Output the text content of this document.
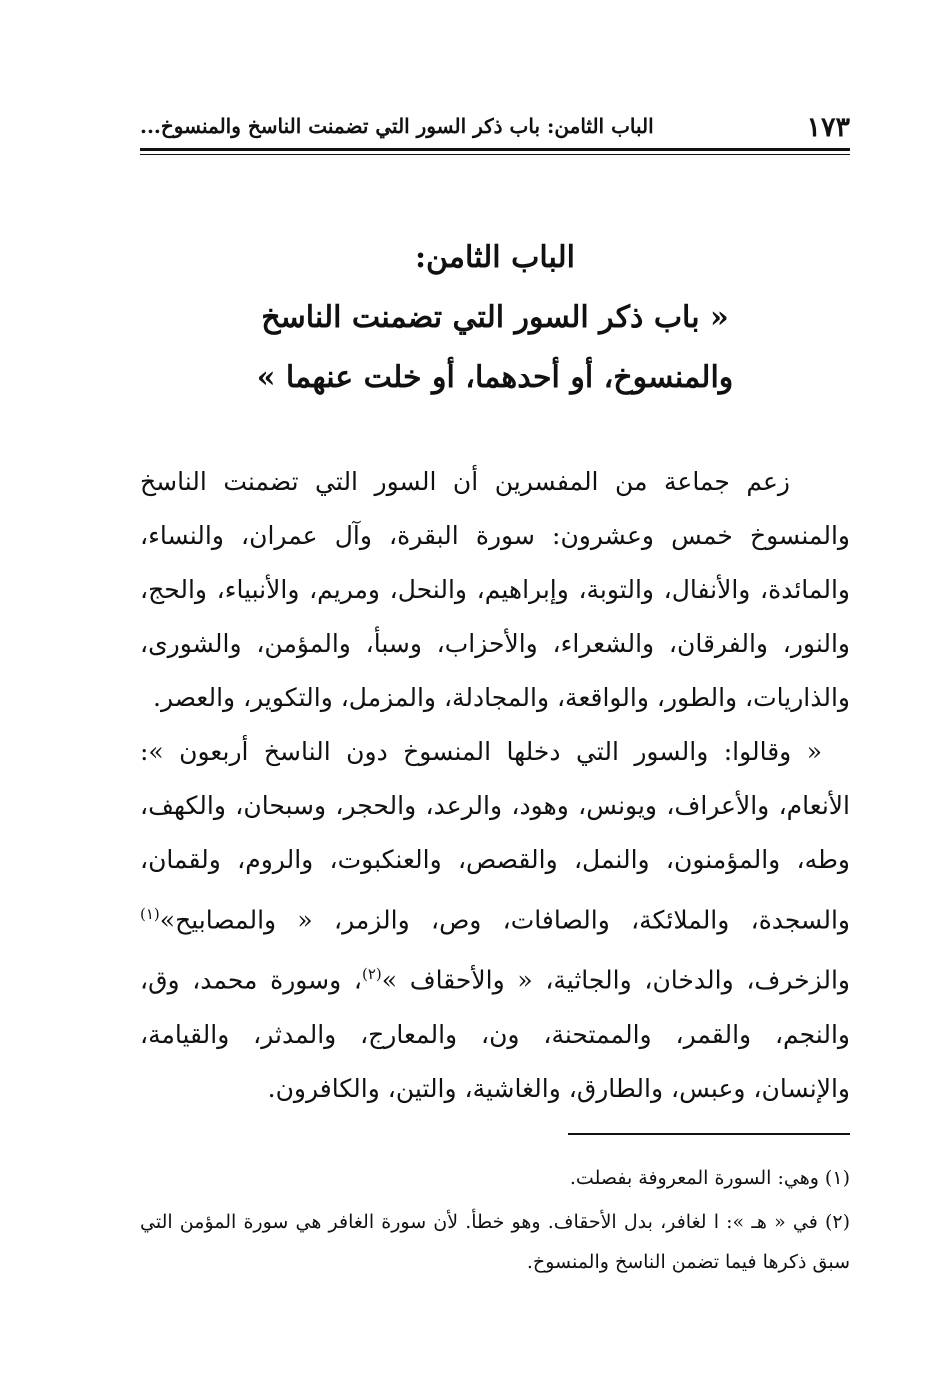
١٧٣
الباب الثامن: باب ذكر السور التي تضمنت الناسخ والمنسوخ...
الباب الثامن:
« باب ذكر السور التي تضمنت الناسخ
والمنسوخ، أو أحدهما، أو خلت عنهما »

زعم جماعة من المفسرين أن السور التي تضمنت الناسخ والمنسوخ خمس وعشرون: سورة البقرة، وآل عمران، والنساء، والمائدة، والأنفال، والتوبة، وإبراهيم، والنحل، ومريم، والأنبياء، والحج، والنور، والفرقان، والشعراء، والأحزاب، وسبأ، والمؤمن، والشورى، والذاريات، والطور، والواقعة، والمجادلة، والمزمل، والتكوير، والعصر.

« وقالوا: والسور التي دخلها المنسوخ دون الناسخ أربعون »: الأنعام، والأعراف، ويونس، وهود، والرعد، والحجر، وسبحان، والكهف، وطه، والمؤمنون، والنمل، والقصص، والعنكبوت، والروم، ولقمان، والسجدة، والملائكة، والصافات، وص، والزمر، « والمصابيح»$^{(١)}$ والزخرف، والدخان، والجاثية، « والأحقاف »$^{(٢)}$، وسورة محمد، وق، والنجم، والقمر، والممتحنة، ون، والمعارج، والمدثر، والقيامة، والإنسان، وعبس، والطارق، والغاشية، والتين، والكافرون.

(١) وهي: السورة المعروفة بفصلت.

(٢) في « هـ »: ا لغافر، بدل الأحقاف. وهو خطأ. لأن سورة الغافر هي سورة المؤمن التي سبق ذكرها فيما تضمن الناسخ والمنسوخ.
